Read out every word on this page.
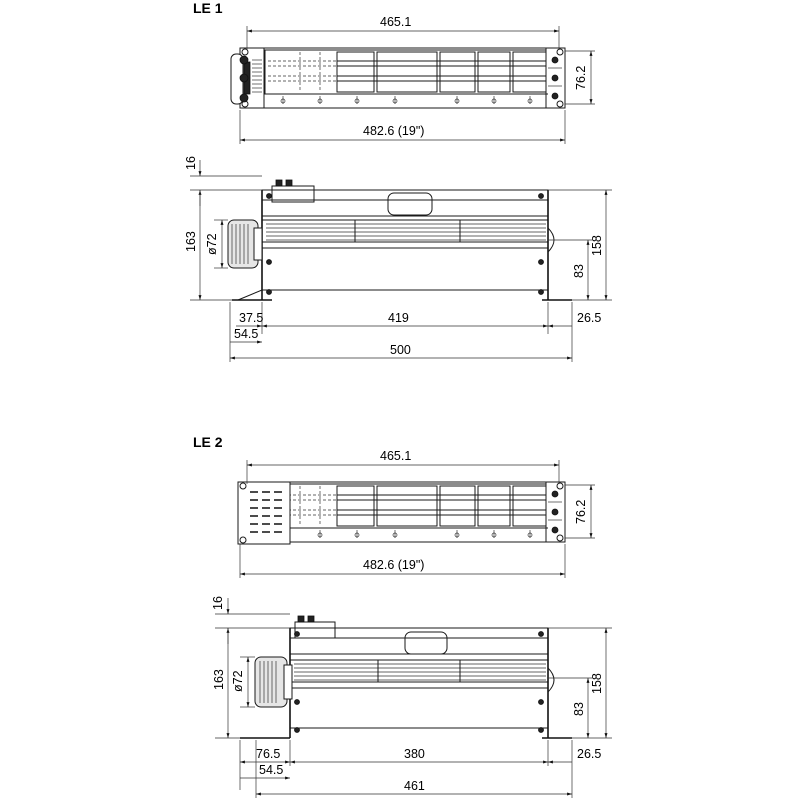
LE 1
465.1
76.2
482.6 (19")
16
163 ø72	158
83
37.5	419	26.5
54.5
500
LE 2
465.1
76.2
482.6 (19")
16
163 ø72	158
83
76.5	380	26.5
54.5
461
